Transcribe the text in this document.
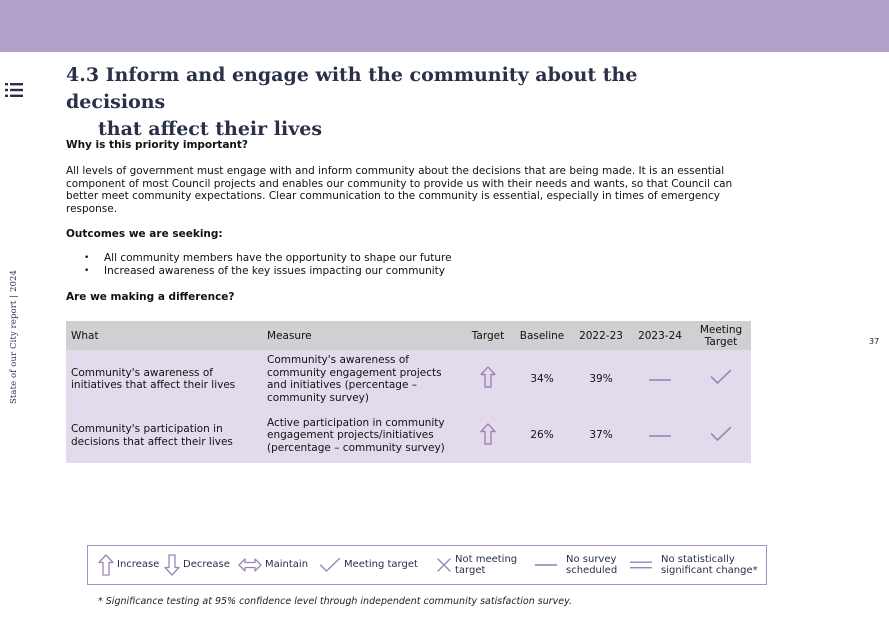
State of our City report | 2024	37
4.3 Inform and engage with the community about the decisions
that affect their lives
Why is this priority important?

All levels of government must engage with and inform community about the decisions that are being made. It is an essential component of most Council projects and enables our community to provide us with their needs and wants, so that Council can better meet community expectations. Clear communication to the community is essential, especially in times of emergency response.

Outcomes we are seeking:
• All community members have the opportunity to shape our future
• Increased awareness of the key issues impacting our community
Are we making a difference?
What	Measure	Target	Baseline	2022-23	2023-24	Meeting Target
Community's awareness of initiatives that affect their lives	Community's awareness of community engagement projects and initiatives (percentage – community survey)		34%	39%		
Community's participation in decisions that affect their lives	Active participation in community engagement projects/initiatives (percentage – community survey)		26%	37%		
Increase Decrease	Maintain	Meeting target	Not meeting target
No survey scheduled
No statistically significant change*
* Significance testing at 95% confidence level through independent community satisfaction survey.
